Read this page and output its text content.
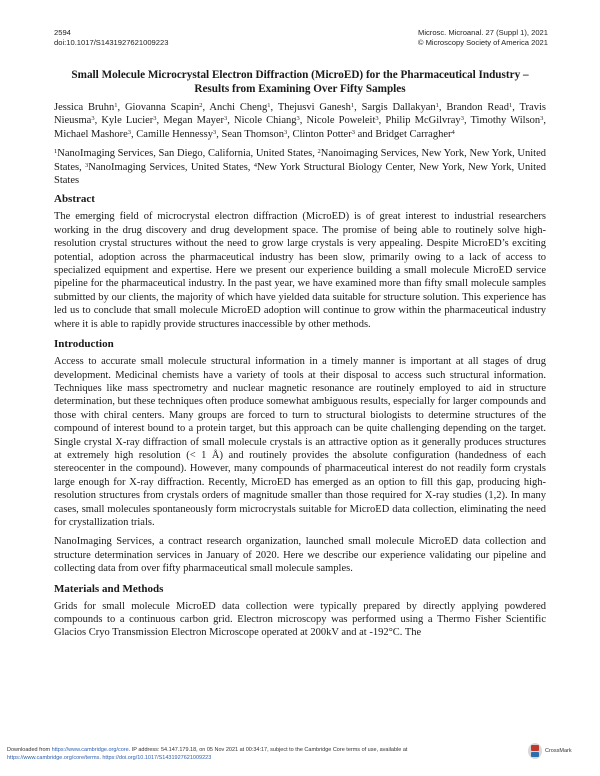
2594
doi:10.1017/S1431927621009223
Microsc. Microanal. 27 (Suppl 1), 2021
© Microscopy Society of America 2021
Small Molecule Microcrystal Electron Diffraction (MicroED) for the Pharmaceutical Industry – Results from Examining Over Fifty Samples
Jessica Bruhn$^1$, Giovanna Scapin$^2$, Anchi Cheng$^1$, Thejusvi Ganesh$^1$, Sargis Dallakyan$^1$, Brandon Read$^1$, Travis Nieusma$^3$, Kyle Lucier$^3$, Megan Mayer$^3$, Nicole Chiang$^3$, Nicole Poweleit$^3$, Philip McGilvray$^3$, Timothy Wilson$^3$, Michael Mashore$^3$, Camille Hennessy$^3$, Sean Thomson$^3$, Clinton Potter$^3$ and Bridget Carragher$^4$
$^1$NanoImaging Services, San Diego, California, United States, $^2$Nanoimaging Services, New York, New York, United States, $^3$NanoImaging Services, United States, $^4$New York Structural Biology Center, New York, New York, United States
Abstract

The emerging field of microcrystal electron diffraction (MicroED) is of great interest to industrial researchers working in the drug discovery and drug development space. The promise of being able to routinely solve high-resolution crystal structures without the need to grow large crystals is very appealing. Despite MicroED’s exciting potential, adoption across the pharmaceutical industry has been slow, primarily owing to a lack of access to specialized equipment and expertise. Here we present our experience building a small molecule MicroED service pipeline for the pharmaceutical industry. In the past year, we have examined more than fifty small molecule samples submitted by our clients, the majority of which have yielded data suitable for structure solution. This experience has led us to conclude that small molecule MicroED adoption will continue to grow within the pharmaceutical industry where it is able to rapidly provide structures inaccessible by other methods.

Introduction

Access to accurate small molecule structural information in a timely manner is important at all stages of drug development. Medicinal chemists have a variety of tools at their disposal to access such structural information. Techniques like mass spectrometry and nuclear magnetic resonance are routinely employed to aid in structure determination, but these techniques often produce somewhat ambiguous results, especially for larger compounds and those with chiral centers. Many groups are forced to turn to structural biologists to determine structures of the compound of interest bound to a protein target, but this approach can be quite challenging depending on the target. Single crystal X-ray diffraction of small molecule crystals is an attractive option as it generally produces structures at extremely high resolution (< 1 Å) and routinely provides the absolute configuration (handedness of each stereocenter in the compound). However, many compounds of pharmaceutical interest do not readily form crystals large enough for X-ray diffraction. Recently, MicroED has emerged as an option to fill this gap, producing high-resolution structures from crystals orders of magnitude smaller than those required for X-ray studies (1,2). In many cases, small molecules spontaneously form microcrystals suitable for MicroED data collection, eliminating the need for crystallization trials.

NanoImaging Services, a contract research organization, launched small molecule MicroED data collection and structure determination services in January of 2020. Here we describe our experience validating our pipeline and collecting data from over fifty pharmaceutical small molecule samples.

Materials and Methods

Grids for small molecule MicroED data collection were typically prepared by directly applying powdered compounds to a continuous carbon grid. Electron microscopy was performed using a Thermo Fisher Scientific Glacios Cryo Transmission Electron Microscope operated at 200kV and at -192°C. The

Downloaded from https://www.cambridge.org/core. IP address: 54.147.179.18, on 05 Nov 2021 at 00:34:17, subject to the Cambridge Core terms of use, available at
https://www.cambridge.org/core/terms. https://doi.org/10.1017/S1431927621009223
CrossMark
